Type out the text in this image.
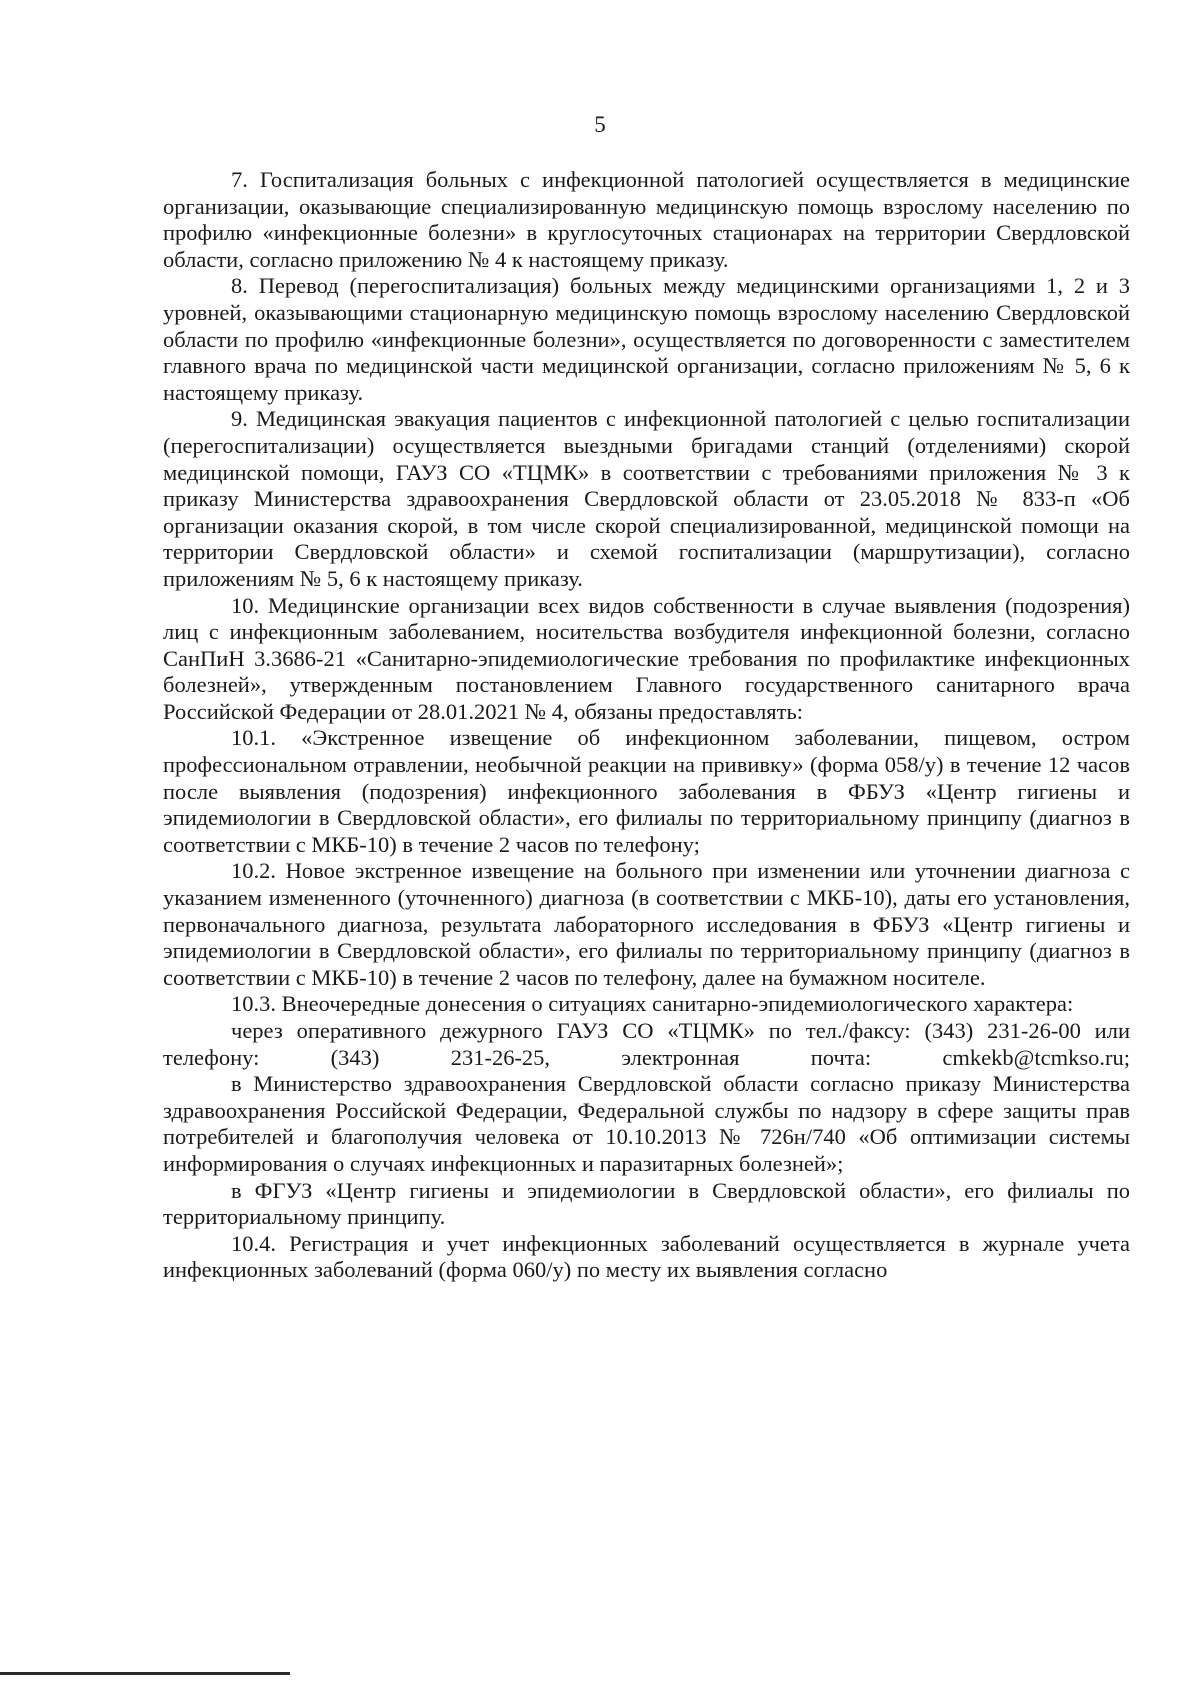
5

7. Госпитализация больных с инфекционной патологией осуществляется в медицинские организации, оказывающие специализированную медицинскую помощь взрослому населению по профилю «инфекционные болезни» в круглосуточных стационарах на территории Свердловской области, согласно приложению № 4 к настоящему приказу.

8. Перевод (перегоспитализация) больных между медицинскими организациями 1, 2 и 3 уровней, оказывающими стационарную медицинскую помощь взрослому населению Свердловской области по профилю «инфекционные болезни», осуществляется по договоренности с заместителем главного врача по медицинской части медицинской организации, согласно приложениям № 5, 6 к настоящему приказу.

9. Медицинская эвакуация пациентов с инфекционной патологией с целью госпитализации (перегоспитализации) осуществляется выездными бригадами станций (отделениями) скорой медицинской помощи, ГАУЗ СО «ТЦМК» в соответствии с требованиями приложения № 3 к приказу Министерства здравоохранения Свердловской области от 23.05.2018 № 833-п «Об организации оказания скорой, в том числе скорой специализированной, медицинской помощи на территории Свердловской области» и схемой госпитализации (маршрутизации), согласно приложениям № 5, 6 к настоящему приказу.

10. Медицинские организации всех видов собственности в случае выявления (подозрения) лиц с инфекционным заболеванием, носительства возбудителя инфекционной болезни, согласно СанПиН 3.3686-21 «Санитарно-эпидемиологические требования по профилактике инфекционных болезней», утвержденным постановлением Главного государственного санитарного врача Российской Федерации от 28.01.2021 № 4, обязаны предоставлять:

10.1. «Экстренное извещение об инфекционном заболевании, пищевом, остром профессиональном отравлении, необычной реакции на прививку» (форма 058/у) в течение 12 часов после выявления (подозрения) инфекционного заболевания в ФБУЗ «Центр гигиены и эпидемиологии в Свердловской области», его филиалы по территориальному принципу (диагноз в соответствии с МКБ-10) в течение 2 часов по телефону;

10.2. Новое экстренное извещение на больного при изменении или уточнении диагноза с указанием измененного (уточненного) диагноза (в соответствии с МКБ-10), даты его установления, первоначального диагноза, результата лабораторного исследования в ФБУЗ «Центр гигиены и эпидемиологии в Свердловской области», его филиалы по территориальному принципу (диагноз в соответствии с МКБ-10) в течение 2 часов по телефону, далее на бумажном носителе.

10.3. Внеочередные донесения о ситуациях санитарно-эпидемиологического характера:

через оперативного дежурного ГАУЗ СО «ТЦМК» по тел./факсу: (343) 231-26-00 или телефону: (343) 231-26-25, электронная почта: cmkekb@tcmkso.ru;

в Министерство здравоохранения Свердловской области согласно приказу Министерства здравоохранения Российской Федерации, Федеральной службы по надзору в сфере защиты прав потребителей и благополучия человека от 10.10.2013 № 726н/740 «Об оптимизации системы информирования о случаях инфекционных и паразитарных болезней»;

в ФГУЗ «Центр гигиены и эпидемиологии в Свердловской области», его филиалы по территориальному принципу.

10.4. Регистрация и учет инфекционных заболеваний осуществляется в журнале учета инфекционных заболеваний (форма 060/у) по месту их выявления согласно
